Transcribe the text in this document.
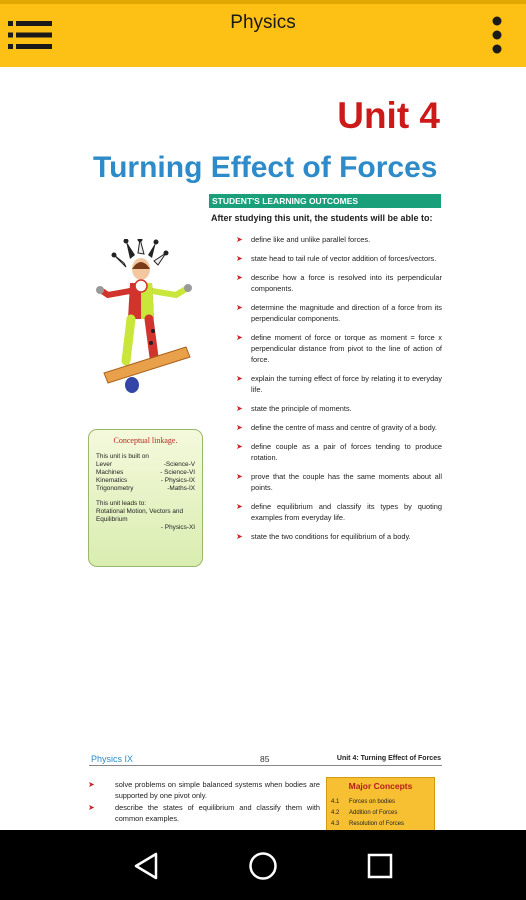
Physics
Unit 4
Turning Effect of Forces
STUDENT'S LEARNING OUTCOMES
After studying this unit, the students will be able to:
➤ define like and unlike parallel forces.
➤ state head to tail rule of vector addition of forces/vectors.
➤ describe how a force is resolved into its perpendicular components.
➤ determine the magnitude and direction of a force from its perpendicular components.
➤ define moment of force or torque as moment = force x perpendicular distance from pivot to the line of action of force.
➤ explain the turning effect of force by relating it to everyday life.
➤ state the principle of moments.
➤ define the centre of mass and centre of gravity of a body.
➤ define couple as a pair of forces tending to produce rotation.
➤ prove that the couple has the same moments about all points.
➤ define equilibrium and classify its types by quoting examples from everyday life.
➤ state the two conditions for equilibrium of a body.
Conceptual linkage.
This unit is built on
Lever	-Science-V
Machines	- Science-VI
Kinematics	- Physics-IX
Trigonometry	-Maths-IX
This unit leads to:
Rotational Motion, Vectors and Equilibrium
- Physics-XI
Physics IX	85	Unit 4: Turning Effect of Forces
➤	solve problems on simple balanced systems when bodies are supported by one pivot only.
➤	describe the states of equilibrium and classify them with common examples.
Major Concepts
4.1 Forces on bodies
4.2 Addition of Forces
4.3 Resolution of Forces
